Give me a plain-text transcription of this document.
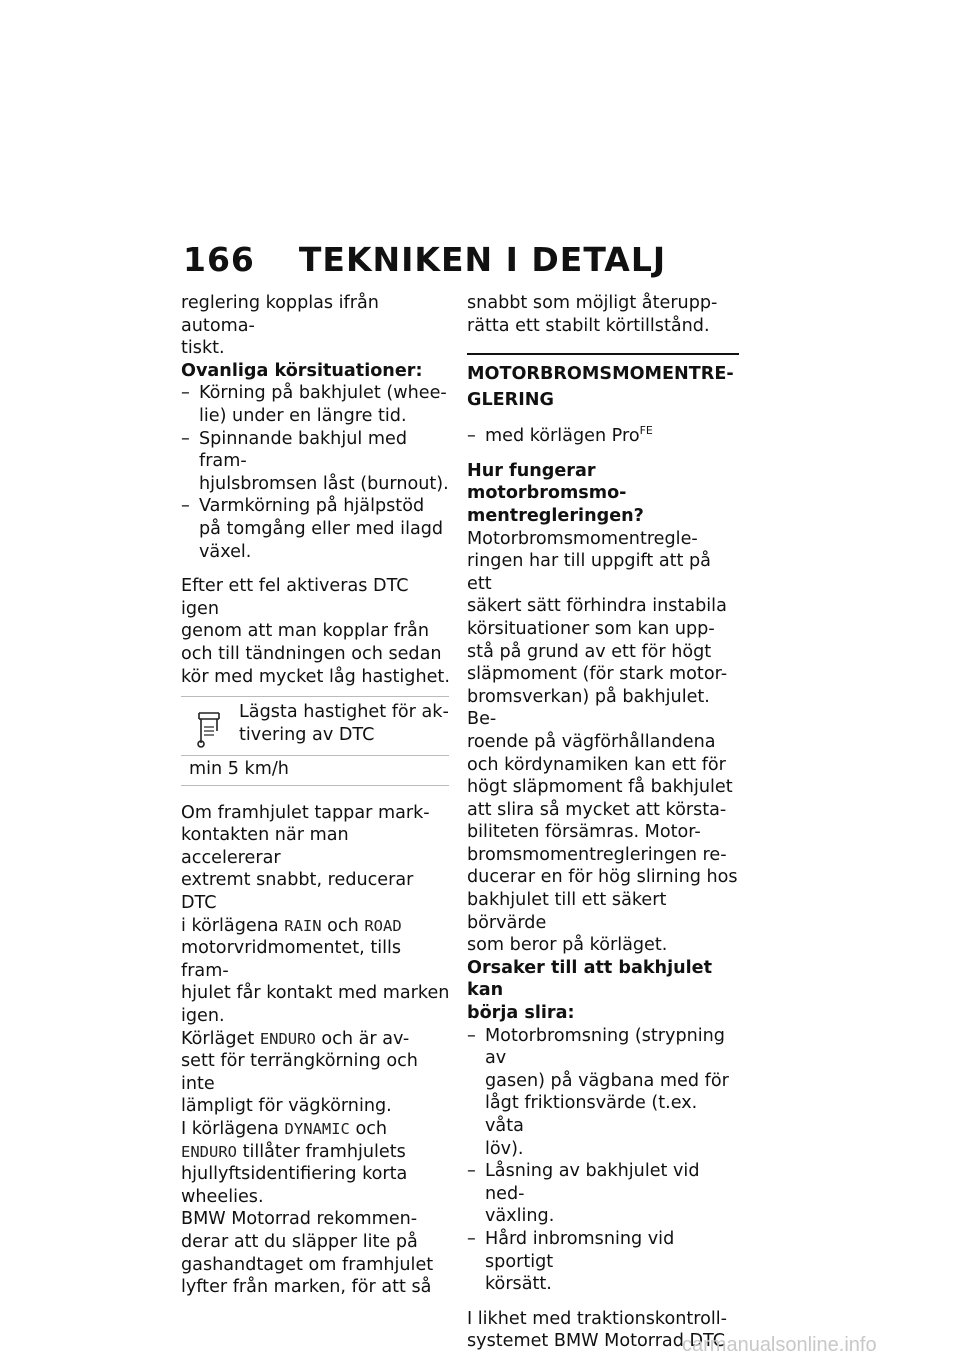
166 TEKNIKEN I DETALJ

reglering kopplas ifrån automa-
tiskt.

Ovanliga körsituationer:

– Körning på bakhjulet (whee-
lie) under en längre tid.
– Spinnande bakhjul med fram-
hjulsbromsen låst (burnout).
– Varmkörning på hjälpstöd
på tomgång eller med ilagd
växel.

Efter ett fel aktiveras DTC igen
genom att man kopplar från
och till tändningen och sedan
kör med mycket låg hastighet.

Lägsta hastighet för ak-
tivering av DTC
min 5 km/h

Om framhjulet tappar mark-
kontakten när man accelererar
extremt snabbt, reducerar DTC
i körlägena RAIN och ROAD
motorvridmomentet, tills fram-
hjulet får kontakt med marken
igen.

Körläget ENDURO och är av-
sett för terrängkörning och inte
lämpligt för vägkörning.

I körlägena DYNAMIC och
ENDURO tillåter framhjulets
hjullyftsidentifiering korta
wheelies.

BMW Motorrad rekommen-
derar att du släpper lite på
gashandtaget om framhjulet
lyfter från marken, för att så

snabbt som möjligt återupp-
rätta ett stabilt körtillstånd.

MOTORBROMSMOMENTRE-
GLERING
– med körlägen Pro$^{FE}$

Hur fungerar motorbromsmo-
mentregleringen?

Motorbromsmomentregle-
ringen har till uppgift att på ett
säkert sätt förhindra instabila
körsituationer som kan upp-
stå på grund av ett för högt
släpmoment (för stark motor-
bromsverkan) på bakhjulet. Be-
roende på vägförhållandena
och kördynamiken kan ett för
högt släpmoment få bakhjulet
att slira så mycket att körsta-
biliteten försämras. Motor-
bromsmomentregleringen re-
ducerar en för hög slirning hos
bakhjulet till ett säkert börvärde
som beror på körläget.

Orsaker till att bakhjulet kan
börja slira:

– Motorbromsning (strypning av
gasen) på vägbana med för
lågt friktionsvärde (t.ex. våta
löv).
– Låsning av bakhjulet vid ned-
växling.
– Hård inbromsning vid sportigt
körsätt.

I likhet med traktionskontroll-
systemet BMW Motorrad DTC

carmanualsonline.info
